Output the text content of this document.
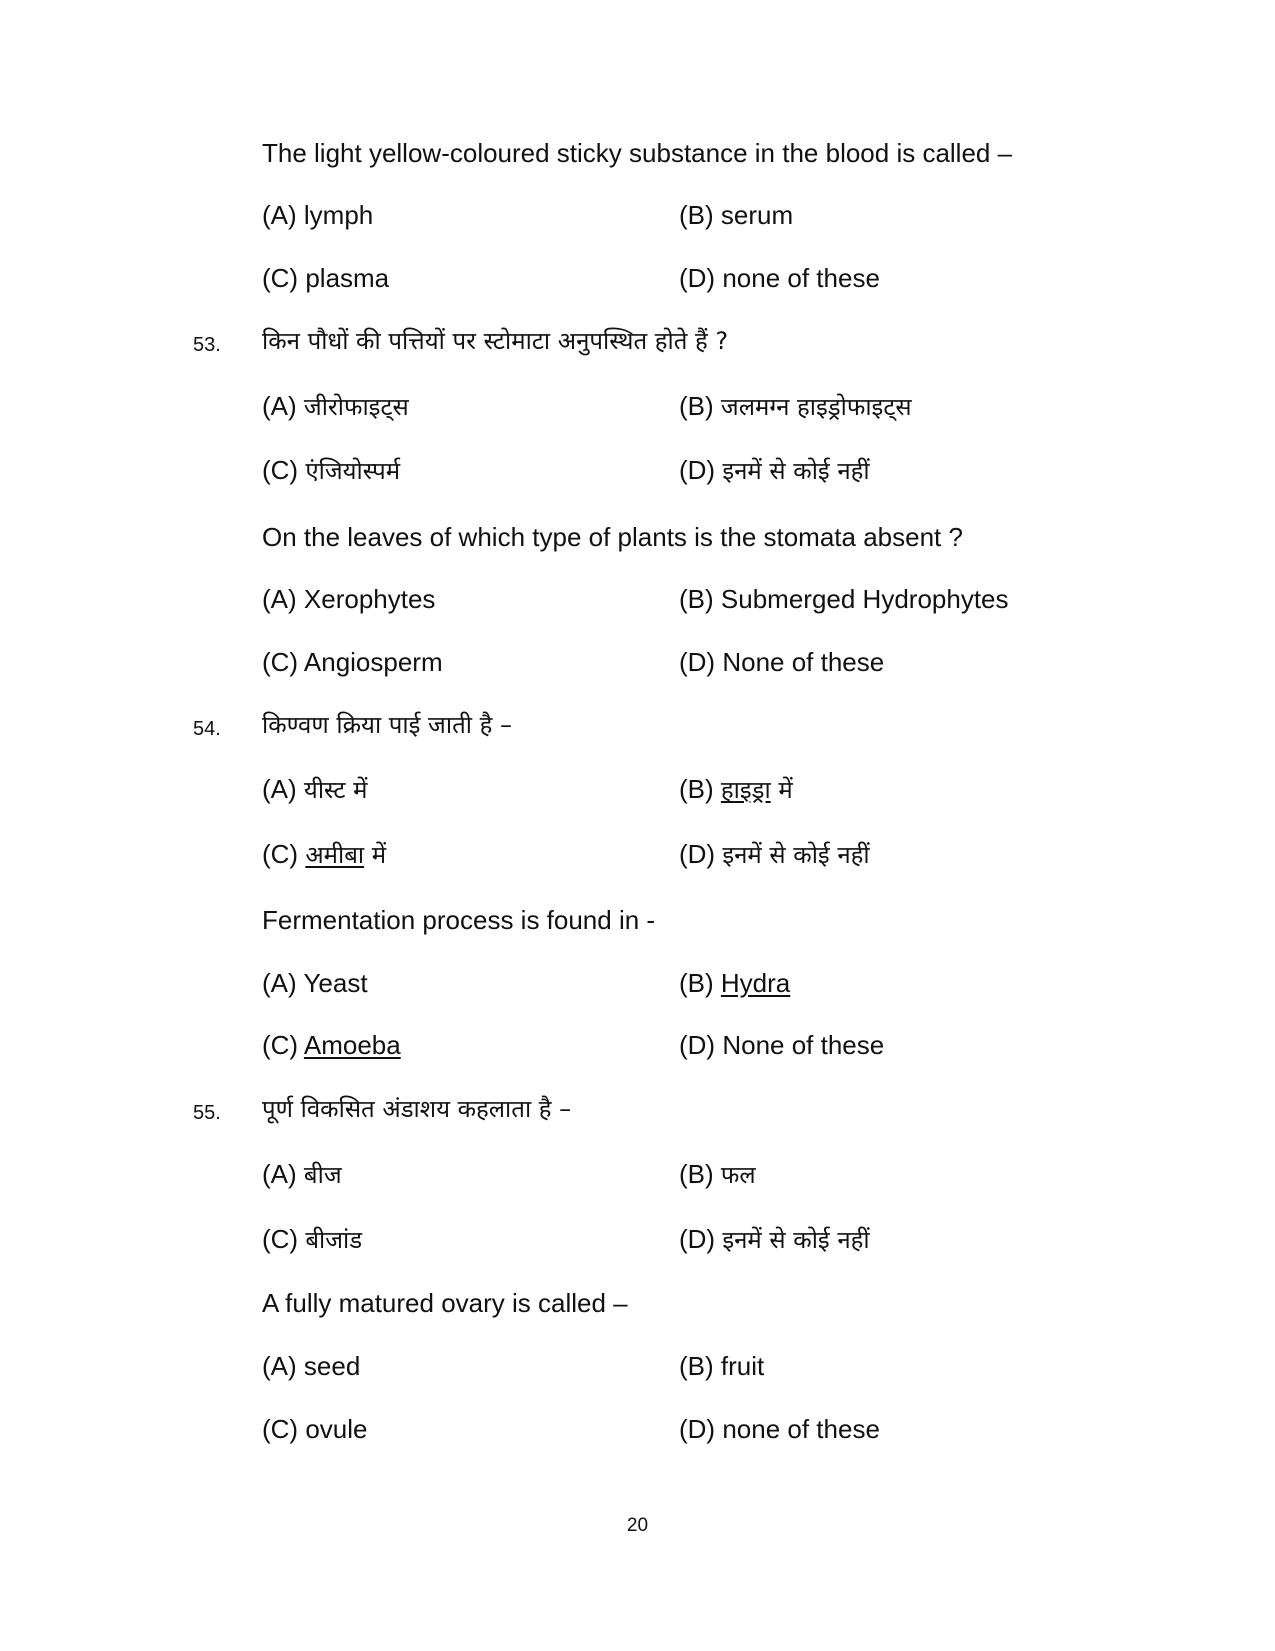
The light yellow-coloured sticky substance in the blood is called –
(A) lymph	(B) serum
(C) plasma	(D) none of these
53. किन पौधों की पत्तियों पर स्टोमाटा अनुपस्थित होते हैं ?
(A) जीरोफाइट्स	(B) जलमग्न हाइड्रोफाइट्स
(C) एंजियोस्पर्म	(D) इनमें से कोई नहीं
On the leaves of which type of plants is the stomata absent ?
(A) Xerophytes	(B) Submerged Hydrophytes
(C) Angiosperm	(D) None of these
54. किण्वण क्रिया पाई जाती है –
(A) यीस्ट में	(B) हाइड्रा में
(C) अमीबा में	(D) इनमें से कोई नहीं
Fermentation process is found in -
(A) Yeast	(B) Hydra
(C) Amoeba	(D) None of these
55. पूर्ण विकसित अंडाशय कहलाता है –
(A) बीज	(B) फल
(C) बीजांड	(D) इनमें से कोई नहीं
A fully matured ovary is called –
(A) seed	(B) fruit
(C) ovule	(D) none of these
20
